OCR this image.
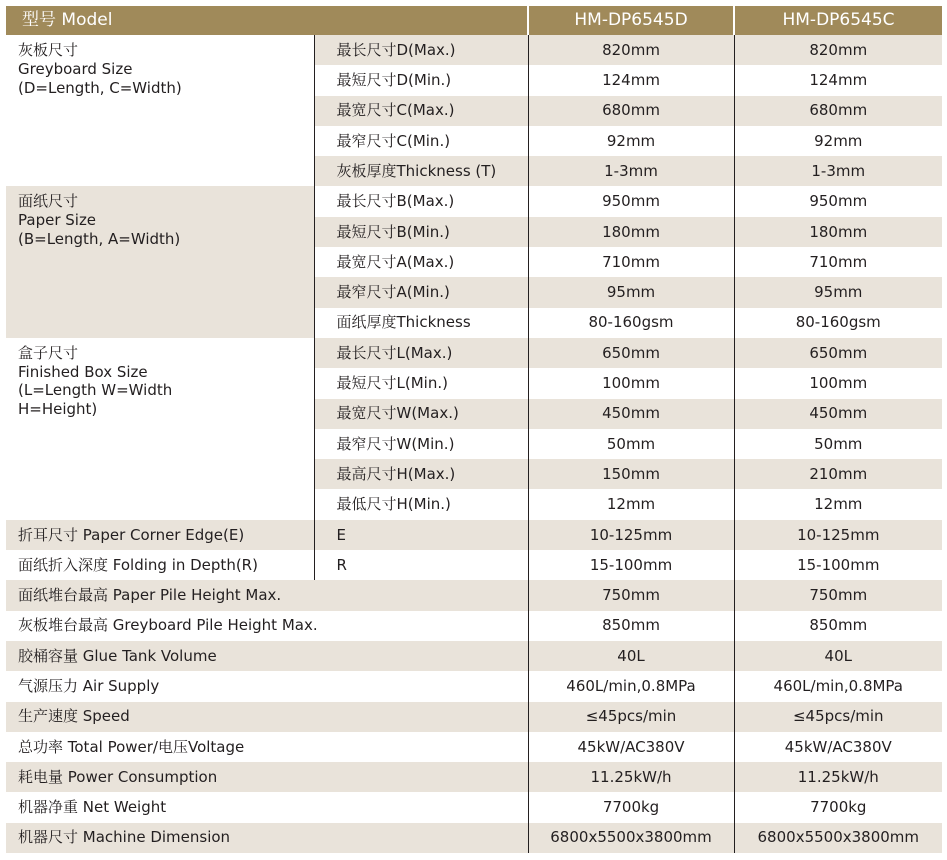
型号 Model		HM-DP6545D	HM-DP6545C

灰板尺寸
Greyboard Size
(D=Length, C=Width)	最长尺寸D(Max.)	820mm	820mm
	最短尺寸D(Min.)	124mm	124mm
	最宽尺寸C(Max.)	680mm	680mm
	最窄尺寸C(Min.)	92mm	92mm
	灰板厚度Thickness (T)	1-3mm	1-3mm

面纸尺寸
Paper Size
(B=Length, A=Width)	最长尺寸B(Max.)	950mm	950mm
	最短尺寸B(Min.)	180mm	180mm
	最宽尺寸A(Max.)	710mm	710mm
	最窄尺寸A(Min.)	95mm	95mm
	面纸厚度Thickness	80-160gsm	80-160gsm

盒子尺寸
Finished Box Size
(L=Length W=Width
H=Height)	最长尺寸L(Max.)	650mm	650mm
	最短尺寸L(Min.)	100mm	100mm
	最宽尺寸W(Max.)	450mm	450mm
	最窄尺寸W(Min.)	50mm	50mm
	最高尺寸H(Max.)	150mm	210mm
	最低尺寸H(Min.)	12mm	12mm
折耳尺寸 Paper Corner Edge(E)	E	10-125mm	10-125mm
面纸折入深度 Folding in Depth(R)	R	15-100mm	15-100mm
面纸堆台最高 Paper Pile Height Max.		750mm	750mm
灰板堆台最高 Greyboard Pile Height Max.		850mm	850mm
胶桶容量 Glue Tank Volume		40L	40L
气源压力 Air Supply		460L/min,0.8MPa	460L/min,0.8MPa
生产速度 Speed		≤45pcs/min	≤45pcs/min
总功率 Total Power/电压Voltage		45kW/AC380V	45kW/AC380V
耗电量 Power Consumption		11.25kW/h	11.25kW/h
机器净重 Net Weight		7700kg	7700kg
机器尺寸 Machine Dimension		6800x5500x3800mm	6800x5500x3800mm
